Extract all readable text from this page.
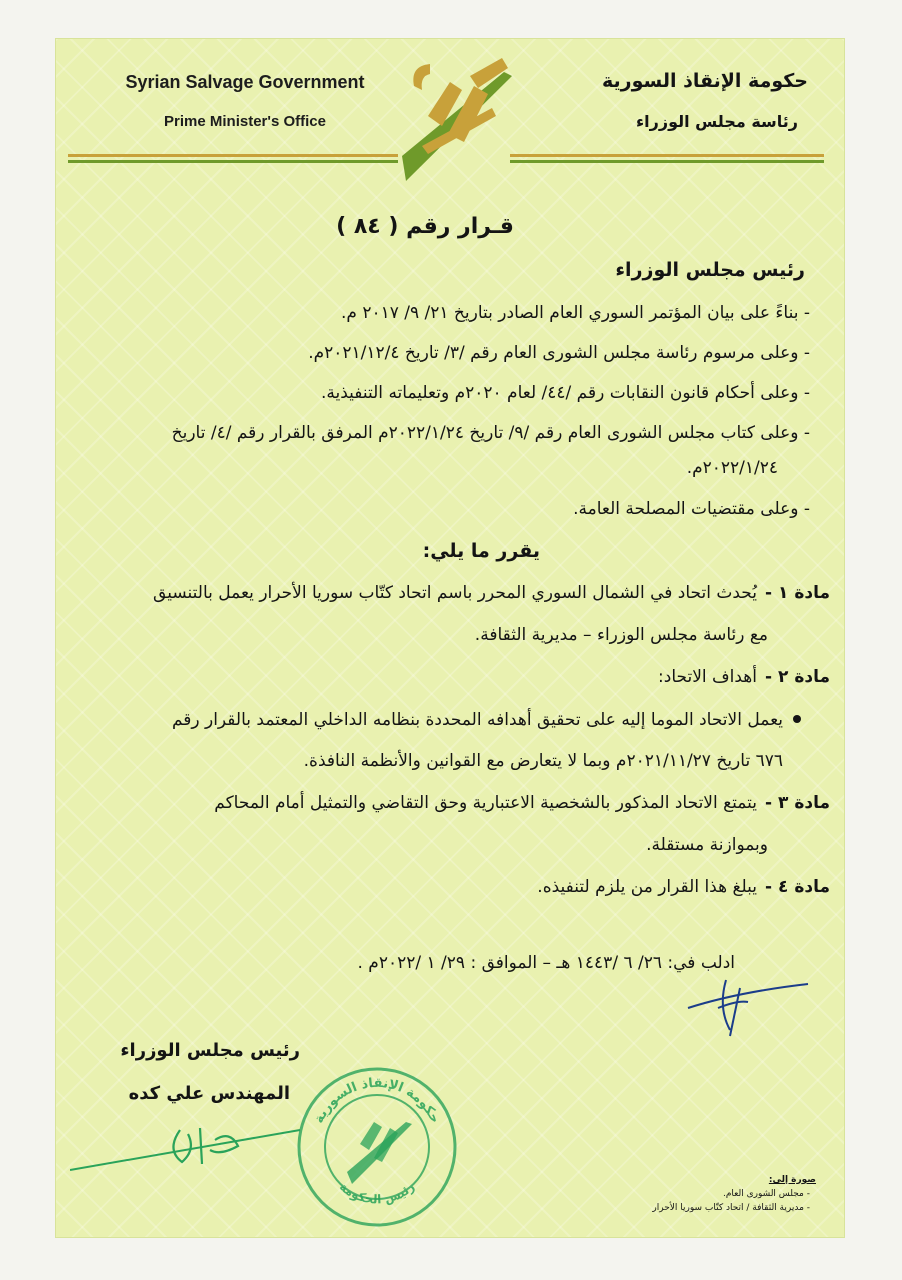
Syrian Salvage Government
Prime Minister's Office
حكومة الإنقاذ السورية
رئاسة مجلس الوزراء
قـرار رقم ( ٨٤ )
رئيس مجلس الوزراء
- بناءً على بيان المؤتمر السوري العام الصادر بتاريخ ٢١/ ٩/ ٢٠١٧ م.
- وعلى مرسوم رئاسة مجلس الشورى العام رقم /٣/ تاريخ ٢٠٢١/١٢/٤م.
- وعلى أحكام قانون النقابات رقم /٤٤/ لعام ٢٠٢٠م وتعليماته التنفيذية.
- وعلى كتاب مجلس الشورى العام رقم /٩/ تاريخ ٢٠٢٢/١/٢٤م المرفق بالقرار رقم /٤/ تاريخ
٢٠٢٢/١/٢٤م.
- وعلى مقتضيات المصلحة العامة.
يقرر ما يلي:
مادة ١ -
يُحدث اتحاد في الشمال السوري المحرر باسم اتحاد كتّاب سوريا الأحرار يعمل بالتنسيق
مع رئاسة مجلس الوزراء – مديرية الثقافة.
مادة ٢ -
أهداف الاتحاد:
يعمل الاتحاد الموما إليه على تحقيق أهدافه المحددة بنظامه الداخلي المعتمد بالقرار رقم
٦٧٦ تاريخ ٢٠٢١/١١/٢٧م وبما لا يتعارض مع القوانين والأنظمة النافذة.
مادة ٣ -
يتمتع الاتحاد المذكور بالشخصية الاعتبارية وحق التقاضي والتمثيل أمام المحاكم
وبموازنة مستقلة.
مادة ٤ -
يبلغ هذا القرار من يلزم لتنفيذه.
ادلب في: ٢٦/ ٦ /١٤٤٣ هـ – الموافق : ٢٩/ ١ /٢٠٢٢م .
رئيس مجلس الوزراء
المهندس علي كده
حكومة الإنقاذ السورية
رئيس الحكومة	صورة إلى:
- مجلس الشورى العام.
- مديرية الثقافة / اتحاد كتّاب سوريا الأحرار
